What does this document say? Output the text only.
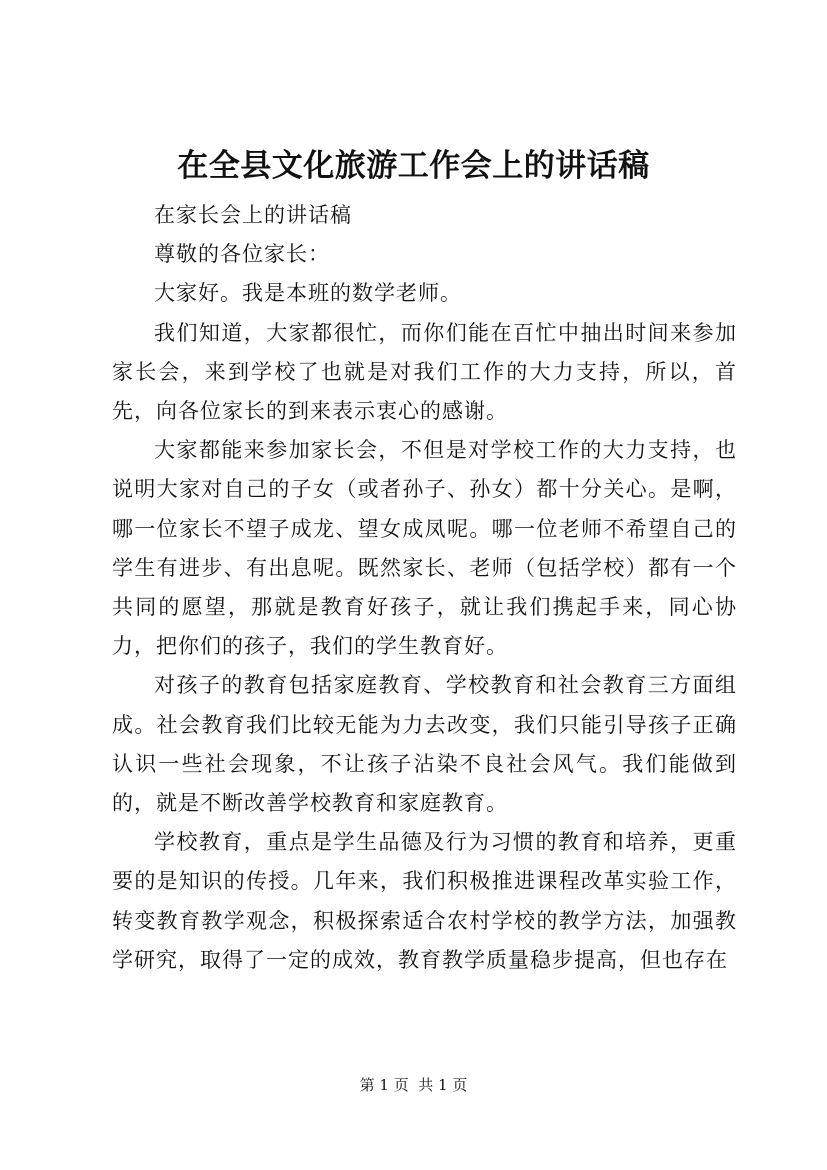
在全县文化旅游工作会上的讲话稿

在家长会上的讲话稿

尊敬的各位家长：

大家好。我是本班的数学老师。

我们知道，大家都很忙，而你们能在百忙中抽出时间来参加家长会，来到学校了也就是对我们工作的大力支持，所以，首先，向各位家长的到来表示衷心的感谢。

大家都能来参加家长会，不但是对学校工作的大力支持，也说明大家对自己的子女（或者孙子、孙女）都十分关心。是啊，哪一位家长不望子成龙、望女成凤呢。哪一位老师不希望自己的学生有进步、有出息呢。既然家长、老师（包括学校）都有一个共同的愿望，那就是教育好孩子，就让我们携起手来，同心协力，把你们的孩子，我们的学生教育好。

对孩子的教育包括家庭教育、学校教育和社会教育三方面组成。社会教育我们比较无能为力去改变，我们只能引导孩子正确认识一些社会现象，不让孩子沾染不良社会风气。我们能做到的，就是不断改善学校教育和家庭教育。

学校教育，重点是学生品德及行为习惯的教育和培养，更重要的是知识的传授。几年来，我们积极推进课程改革实验工作，转变教育教学观念，积极探索适合农村学校的教学方法，加强教学研究，取得了一定的成效，教育教学质量稳步提高，但也存在

第 1 页  共 1 页
